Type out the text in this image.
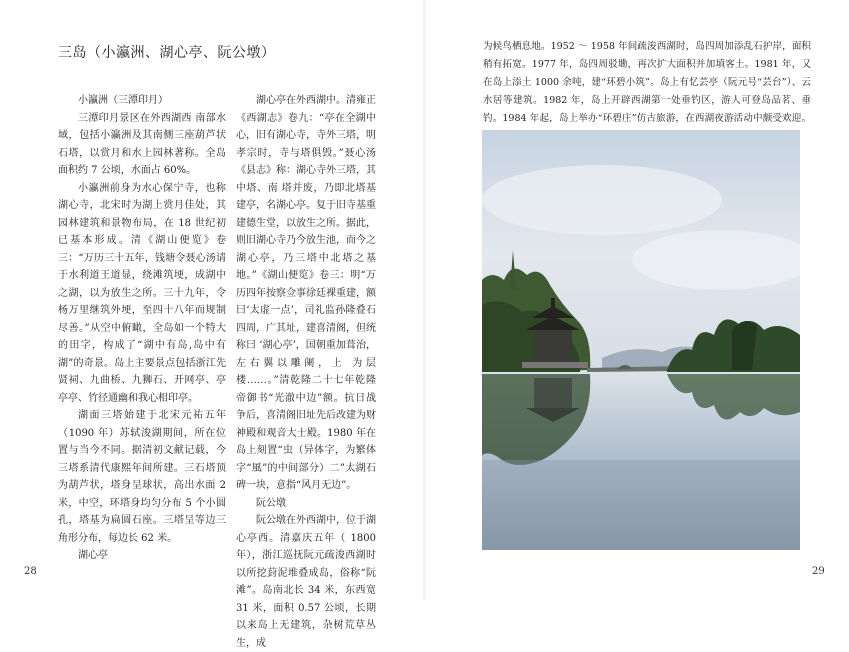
三岛（小瀛洲、湖心亭、阮公墩）

小瀛洲（三潭印月）

三潭印月景区在外西湖西 南部水域，包括小瀛洲及其南侧三座葫芦状石塔，以赏月和水上园林著称。全岛面积约 7 公顷，水面占 60%。

小瀛洲前身为水心保宁寺，也称湖心寺，北宋时为湖上赏月佳处，其园林建筑和景物布局，在 18 世纪初已基本形成。清《湖山便览》卷三：“万历三十五年，钱塘令聂心汤请于水利道王道显，绕滩筑埂，成湖中之湖，以为放生之所。三十九年，令杨万里继筑外埂，至四十八年而规制尽善。”从空中俯瞰，全岛如一个特大的田字，构成了“湖中有岛,岛中有湖”的奇景。岛上主要景点包括浙江先贤祠、九曲桥、九狮石、开网亭、亭亭亭、竹径通幽和我心相印亭。

湖面三塔始建于北宋元祐五年（1090 年）苏轼浚湖期间，所在位置与当今不同。据清初文献记载，今三塔系清代康熙年间所建。三石塔顶为葫芦状，塔身呈球状，高出水面 2 米，中空，环塔身均匀分布 5 个小圆孔，塔基为扁圆石座。三塔呈等边三角形分布，每边长 62 米。

湖心亭

湖心亭在外西湖中。清雍正《西湖志》卷九：“亭在全湖中心，旧有湖心寺，寺外三塔，明孝宗时，寺与塔俱毁。”聂心汤《县志》称：湖心寺外三塔，其中塔、南 塔并废，乃即北塔基建亭，名湖心亭。复于旧寺基重建德生堂，以放生之所。据此，则旧湖心寺乃今放生池，而今之湖心亭，乃三塔中北塔之基地。”《湖山便览》卷三：明“万历四年按察佥事徐廷裸重建，额曰‘太虚一点’，司礼监孙隆叠石四周，广其址，建喜清阁，但统称曰 ‘湖心亭’，国朝重加葺治，左右翼以雕阑，上 为层楼……。”清乾隆二十七年乾隆帝御书“光澈中边”额。抗日战争后，喜清阁旧址先后改建为财神殿和观音大士殿。1980 年在岛上刻置“虫（异体字，为繁体字“風”的中间部分）二”太湖石碑一块，意指“风月无边”。

阮公墩

阮公墩在外西湖中，位于湖心亭西。清嘉庆五年（ 1800 年），浙江巡抚阮元疏浚西湖时以所挖葑泥堆叠成岛，俗称“阮滩”。岛南北长 34 米，东西宽 31 米，面积 0.57 公顷，长期以来岛上无建筑，杂树荒草丛生，成

28

为候鸟栖息地。1952 ～ 1958 年间疏浚西湖时，岛四周加添乱石护岸，面积稍有拓宽。1977 年，岛四周驳墈，再次扩大面积并加填客土。1981 年，又在岛上添土 1000 余吨，建“环碧小筑”。岛上有忆芸亭（阮元号“芸台”）、云水居等建筑。1982 年，岛上开辟西湖第一处垂钓区，游人可登岛品茗、垂钓。1984 年起，岛上举办“环碧庄”仿古旅游，在西湖夜游活动中颇受欢迎。

29
